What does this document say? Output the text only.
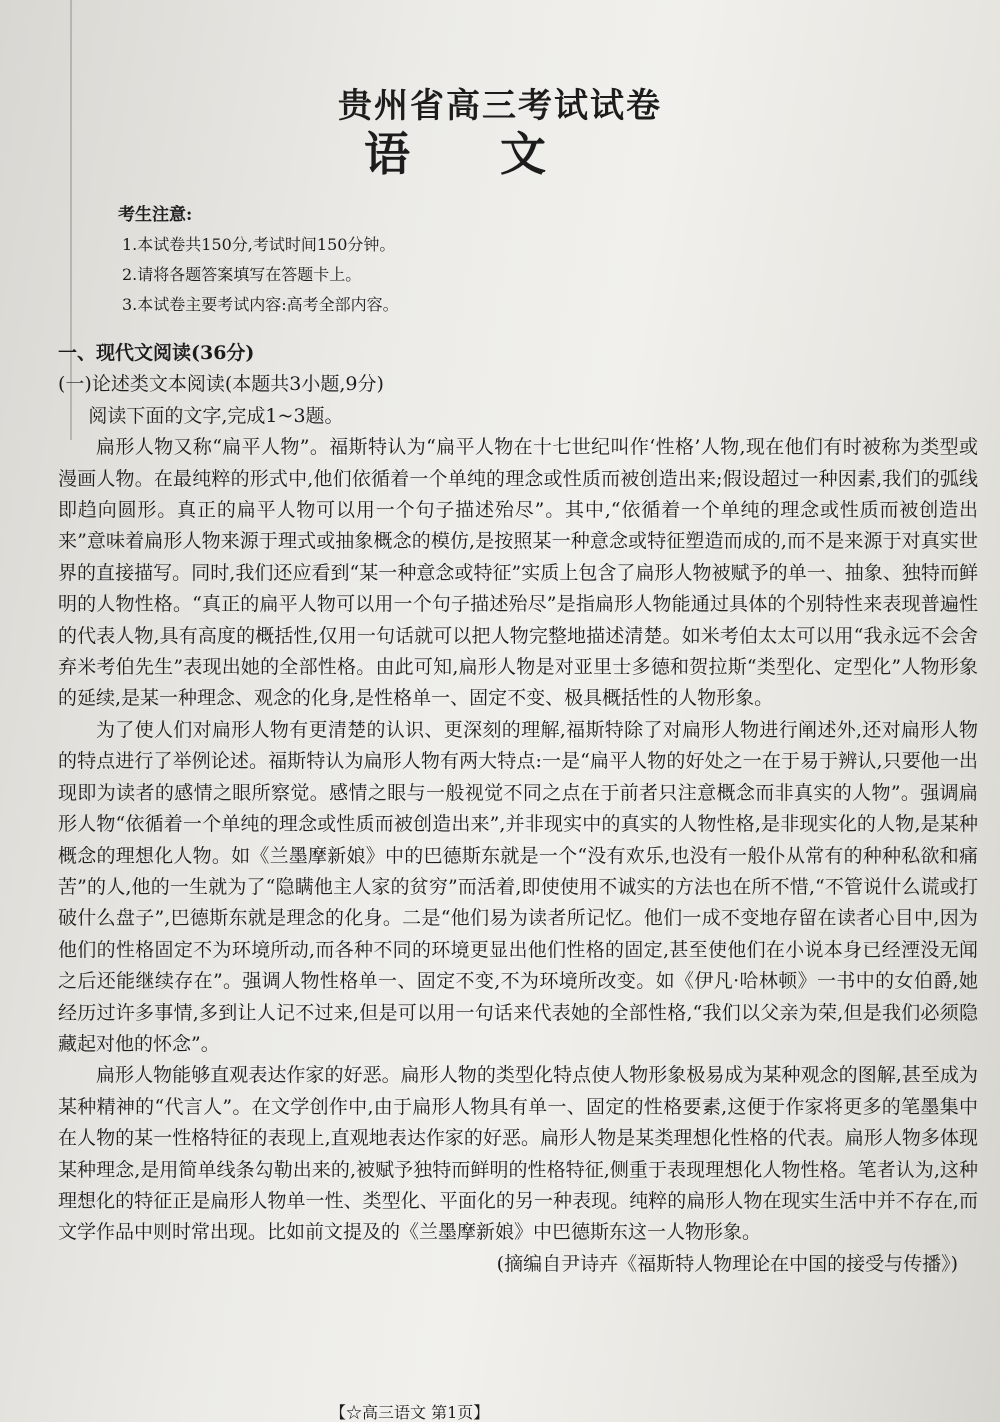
贵州省高三考试试卷
语文
考生注意:
1.本试卷共150分,考试时间150分钟。
2.请将各题答案填写在答题卡上。
3.本试卷主要考试内容:高考全部内容。
一、现代文阅读(36分)
(一)论述类文本阅读(本题共3小题,9分)

阅读下面的文字,完成1~3题。

扁形人物又称“扁平人物”。福斯特认为“扁平人物在十七世纪叫作‘性格’人物,现在他们有时被称为类型或漫画人物。在最纯粹的形式中,他们依循着一个单纯的理念或性质而被创造出来;假设超过一种因素,我们的弧线即趋向圆形。真正的扁平人物可以用一个句子描述殆尽”。其中,“依循着一个单纯的理念或性质而被创造出来”意味着扁形人物来源于理式或抽象概念的模仿,是按照某一种意念或特征塑造而成的,而不是来源于对真实世界的直接描写。同时,我们还应看到“某一种意念或特征”实质上包含了扁形人物被赋予的单一、抽象、独特而鲜明的人物性格。“真正的扁平人物可以用一个句子描述殆尽”是指扁形人物能通过具体的个别特性来表现普遍性的代表人物,具有高度的概括性,仅用一句话就可以把人物完整地描述清楚。如米考伯太太可以用“我永远不会舍弃米考伯先生”表现出她的全部性格。由此可知,扁形人物是对亚里士多德和贺拉斯“类型化、定型化”人物形象的延续,是某一种理念、观念的化身,是性格单一、固定不变、极具概括性的人物形象。

为了使人们对扁形人物有更清楚的认识、更深刻的理解,福斯特除了对扁形人物进行阐述外,还对扁形人物的特点进行了举例论述。福斯特认为扁形人物有两大特点:一是“扁平人物的好处之一在于易于辨认,只要他一出现即为读者的感情之眼所察觉。感情之眼与一般视觉不同之点在于前者只注意概念而非真实的人物”。强调扁形人物“依循着一个单纯的理念或性质而被创造出来”,并非现实中的真实的人物性格,是非现实化的人物,是某种概念的理想化人物。如《兰墨摩新娘》中的巴德斯东就是一个“没有欢乐,也没有一般仆从常有的种种私欲和痛苦”的人,他的一生就为了“隐瞒他主人家的贫穷”而活着,即使使用不诚实的方法也在所不惜,“不管说什么谎或打破什么盘子”,巴德斯东就是理念的化身。二是“他们易为读者所记忆。他们一成不变地存留在读者心目中,因为他们的性格固定不为环境所动,而各种不同的环境更显出他们性格的固定,甚至使他们在小说本身已经湮没无闻之后还能继续存在”。强调人物性格单一、固定不变,不为环境所改变。如《伊凡·哈林顿》一书中的女伯爵,她经历过许多事情,多到让人记不过来,但是可以用一句话来代表她的全部性格,“我们以父亲为荣,但是我们必须隐藏起对他的怀念”。

扁形人物能够直观表达作家的好恶。扁形人物的类型化特点使人物形象极易成为某种观念的图解,甚至成为某种精神的“代言人”。在文学创作中,由于扁形人物具有单一、固定的性格要素,这便于作家将更多的笔墨集中在人物的某一性格特征的表现上,直观地表达作家的好恶。扁形人物是某类理想化性格的代表。扁形人物多体现某种理念,是用简单线条勾勒出来的,被赋予独特而鲜明的性格特征,侧重于表现理想化人物性格。笔者认为,这种理想化的特征正是扁形人物单一性、类型化、平面化的另一种表现。纯粹的扁形人物在现实生活中并不存在,而文学作品中则时常出现。比如前文提及的《兰墨摩新娘》中巴德斯东这一人物形象。

(摘编自尹诗卉《福斯特人物理论在中国的接受与传播》)
【☆高三语文 第1页】
